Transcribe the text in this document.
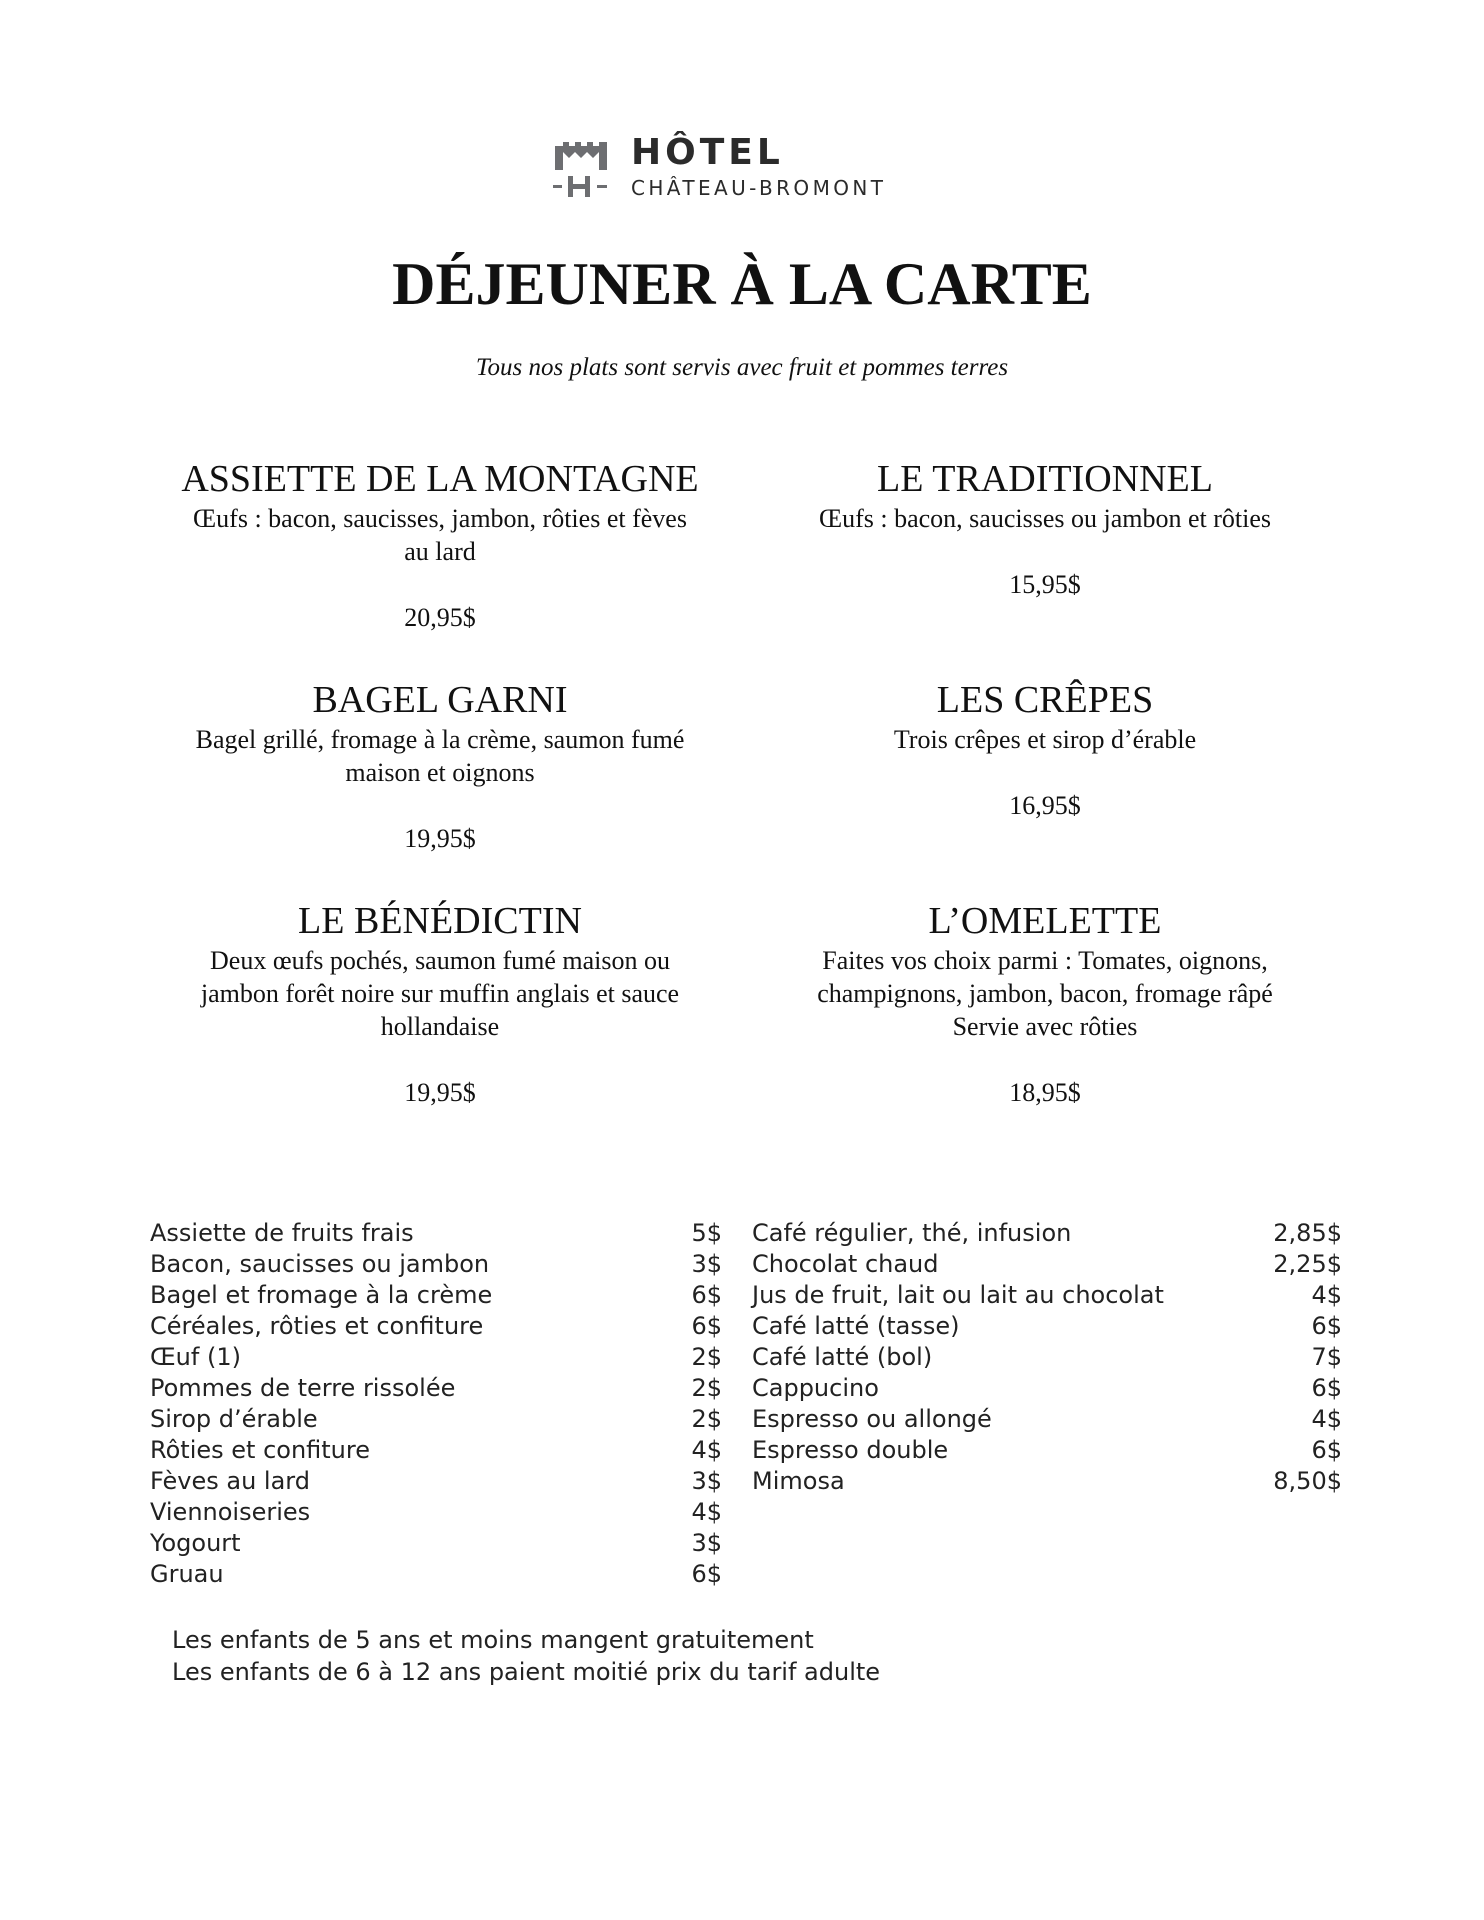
HÔTEL
CHÂTEAU-BROMONT
DÉJEUNER À LA CARTE
Tous nos plats sont servis avec fruit et pommes terres
ASSIETTE DE LA MONTAGNE
Œufs : bacon, saucisses, jambon, rôties et fèves
au lard
20,95$
LE TRADITIONNEL
Œufs : bacon, saucisses ou jambon et rôties
15,95$
BAGEL GARNI
Bagel grillé, fromage à la crème, saumon fumé
maison et oignons
19,95$
LES CRÊPES
Trois crêpes et sirop d’érable
16,95$
LE BÉNÉDICTIN
Deux œufs pochés, saumon fumé maison ou
jambon forêt noire sur muffin anglais et sauce
hollandaise
19,95$
L’OMELETTE
Faites vos choix parmi : Tomates, oignons,
champignons, jambon, bacon, fromage râpé
Servie avec rôties
18,95$
Assiette de fruits frais	5$
Bacon, saucisses ou jambon	3$
Bagel et fromage à la crème	6$
Céréales, rôties et confiture	6$
Œuf (1)	2$
Pommes de terre rissolée	2$
Sirop d’érable	2$
Rôties et confiture	4$
Fèves au lard	3$
Viennoiseries	4$
Yogourt	3$
Gruau	6$
Café régulier, thé, infusion	2,85$
Chocolat chaud	2,25$
Jus de fruit, lait ou lait au chocolat	4$
Café latté (tasse)	6$
Café latté (bol)	7$
Cappucino	6$
Espresso ou allongé	4$
Espresso double	6$
Mimosa	8,50$
Les enfants de 5 ans et moins mangent gratuitement
Les enfants de 6 à 12 ans paient moitié prix du tarif adulte
